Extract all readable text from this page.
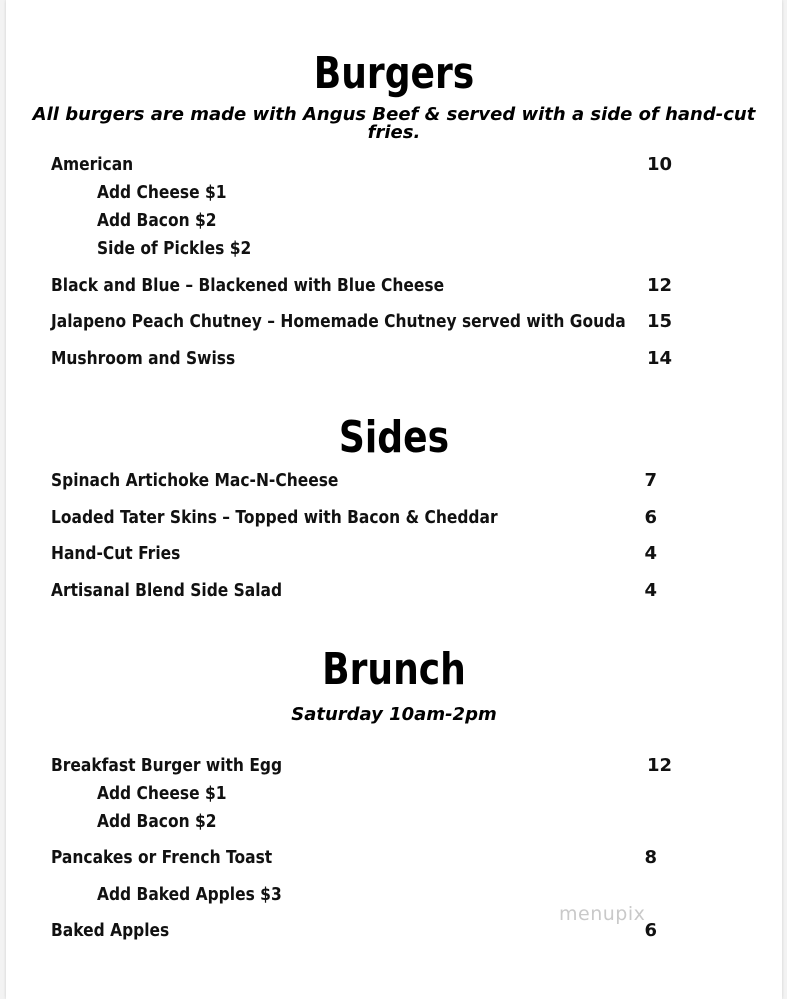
Burgers
All burgers are made with Angus Beef & served with a side of hand-cut fries.
American	10
Add Cheese $1
Add Bacon $2
Side of Pickles $2
Black and Blue – Blackened with Blue Cheese	12
Jalapeno Peach Chutney – Homemade Chutney served with Gouda 15
Mushroom and Swiss	14
Sides
Spinach Artichoke Mac-N-Cheese	7
Loaded Tater Skins – Topped with Bacon & Cheddar	6
Hand-Cut Fries	4
Artisanal Blend Side Salad	4
Brunch
Saturday 10am-2pm
Breakfast Burger with Egg	12
Add Cheese $1
Add Bacon $2
Pancakes or French Toast	8
Add Baked Apples $3
Baked Apples	6
menupix
